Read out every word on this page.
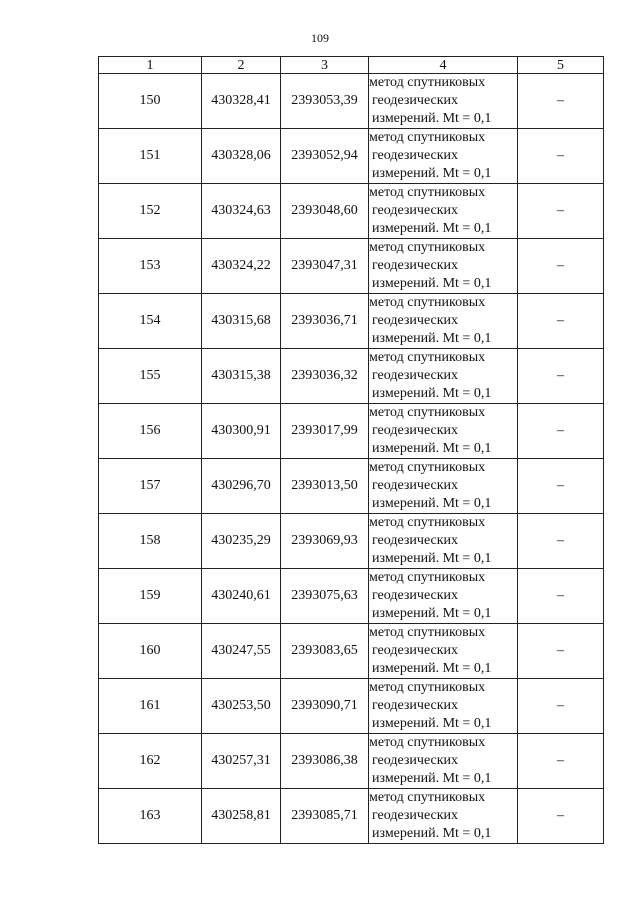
109
1	2	3	4	5
150	430328,41	2393053,39	метод спутниковых
геодезических
измерений. Mt = 0,1	–
151	430328,06	2393052,94	метод спутниковых
геодезических
измерений. Mt = 0,1	–
152	430324,63	2393048,60	метод спутниковых
геодезических
измерений. Mt = 0,1	–
153	430324,22	2393047,31	метод спутниковых
геодезических
измерений. Mt = 0,1	–
154	430315,68	2393036,71	метод спутниковых
геодезических
измерений. Mt = 0,1	–
155	430315,38	2393036,32	метод спутниковых
геодезических
измерений. Mt = 0,1	–
156	430300,91	2393017,99	метод спутниковых
геодезических
измерений. Mt = 0,1	–
157	430296,70	2393013,50	метод спутниковых
геодезических
измерений. Mt = 0,1	–
158	430235,29	2393069,93	метод спутниковых
геодезических
измерений. Mt = 0,1	–
159	430240,61	2393075,63	метод спутниковых
геодезических
измерений. Mt = 0,1	–
160	430247,55	2393083,65	метод спутниковых
геодезических
измерений. Mt = 0,1	–
161	430253,50	2393090,71	метод спутниковых
геодезических
измерений. Mt = 0,1	–
162	430257,31	2393086,38	метод спутниковых
геодезических
измерений. Mt = 0,1	–
163	430258,81	2393085,71	метод спутниковых
геодезических
измерений. Mt = 0,1	–
